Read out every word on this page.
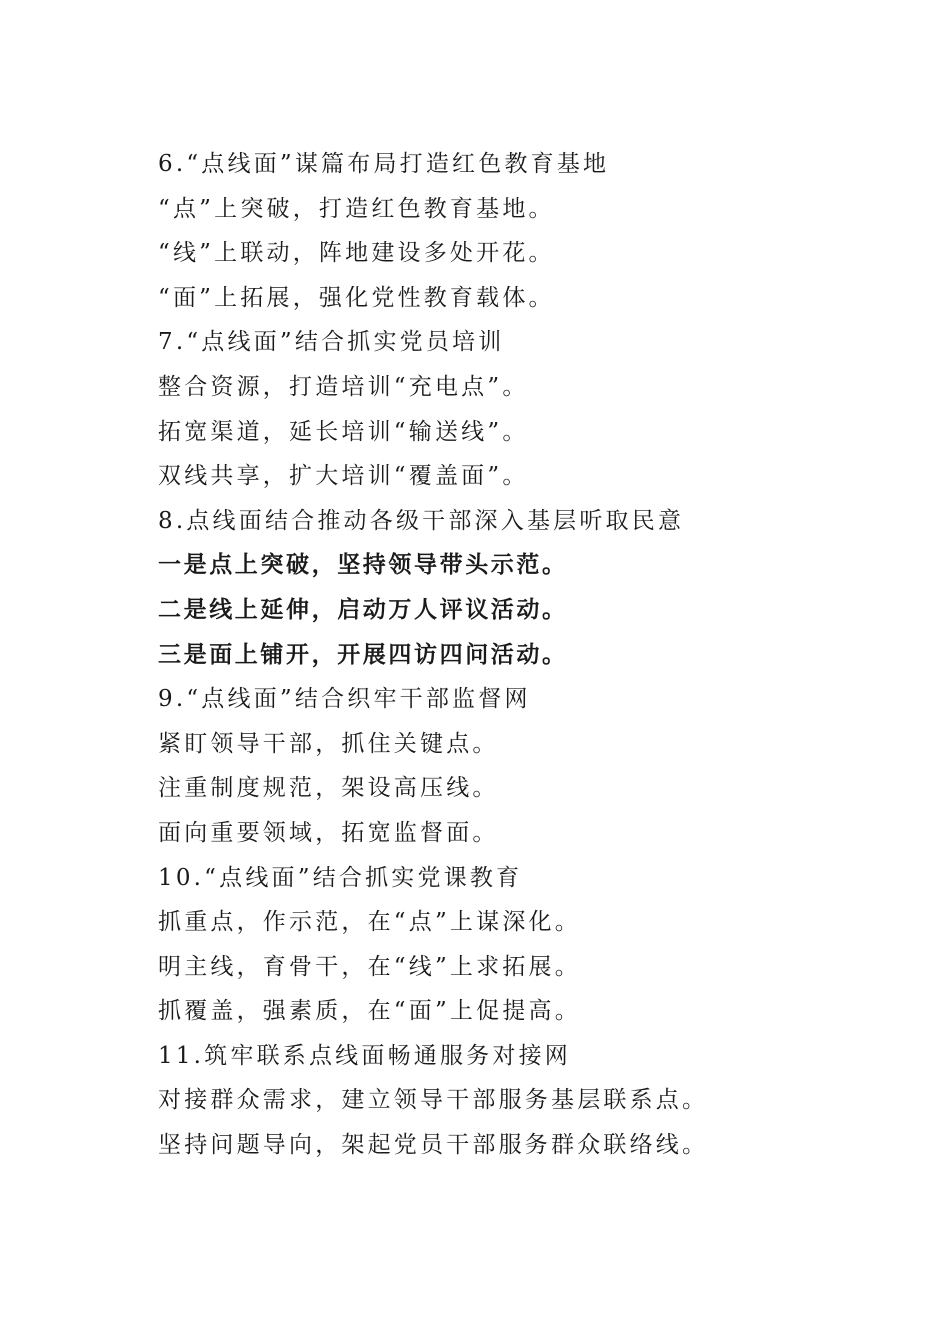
6.“点线面”谋篇布局打造红色教育基地
“点”上突破，打造红色教育基地。
“线”上联动，阵地建设多处开花。
“面”上拓展，强化党性教育载体。
7.“点线面”结合抓实党员培训
整合资源，打造培训“充电点”。
拓宽渠道，延长培训“输送线”。
双线共享，扩大培训“覆盖面”。
8.点线面结合推动各级干部深入基层听取民意
一是点上突破，坚持领导带头示范。
二是线上延伸，启动万人评议活动。
三是面上铺开，开展四访四问活动。
9.“点线面”结合织牢干部监督网
紧盯领导干部，抓住关键点。
注重制度规范，架设高压线。
面向重要领域，拓宽监督面。
10.“点线面”结合抓实党课教育
抓重点，作示范，在“点”上谋深化。
明主线，育骨干，在“线”上求拓展。
抓覆盖，强素质，在“面”上促提高。
11.筑牢联系点线面畅通服务对接网
对接群众需求，建立领导干部服务基层联系点。
坚持问题导向，架起党员干部服务群众联络线。
